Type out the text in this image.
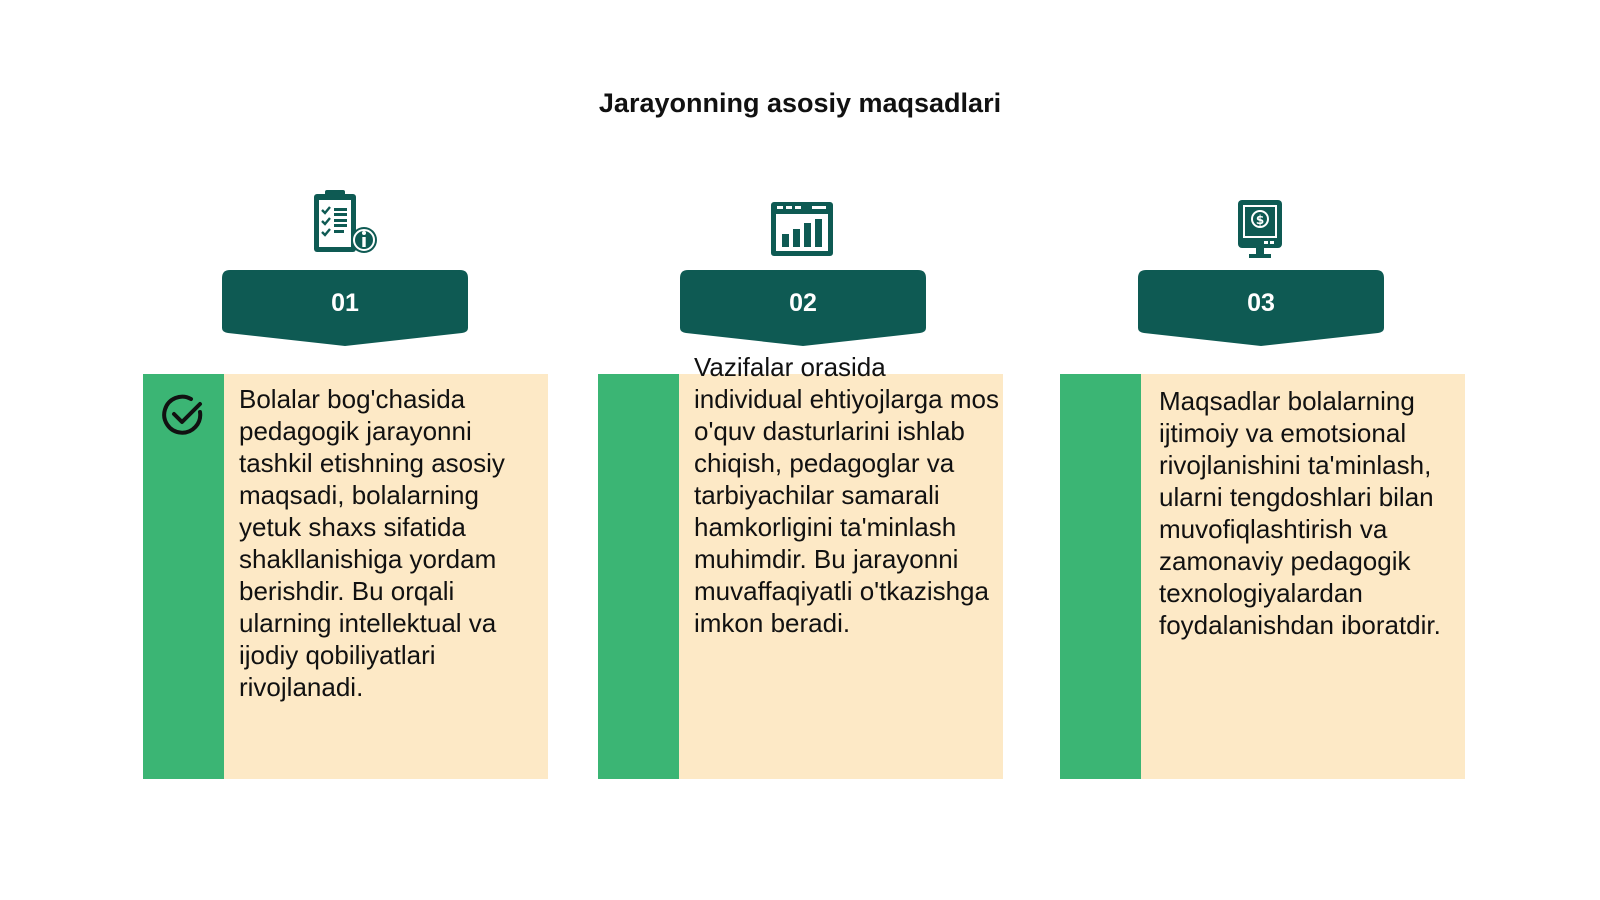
Jarayonning asosiy maqsadlari
$
01	02	03
Bolalar bog'chasida pedagogik jarayonni tashkil etishning asosiy maqsadi, bolalarning yetuk shaxs sifatida shakllanishiga yordam berishdir. Bu orqali ularning intellektual va ijodiy qobiliyatlari rivojlanadi.
Vazifalar orasida individual ehtiyojlarga mos o'quv dasturlarini ishlab chiqish, pedagoglar va tarbiyachilar samarali hamkorligini ta'minlash muhimdir. Bu jarayonni muvaffaqiyatli o'tkazishga imkon beradi.
Maqsadlar bolalarning ijtimoiy va emotsional rivojlanishini ta'minlash, ularni tengdoshlari bilan muvofiqlashtirish va zamonaviy pedagogik texnologiyalardan foydalanishdan iboratdir.
